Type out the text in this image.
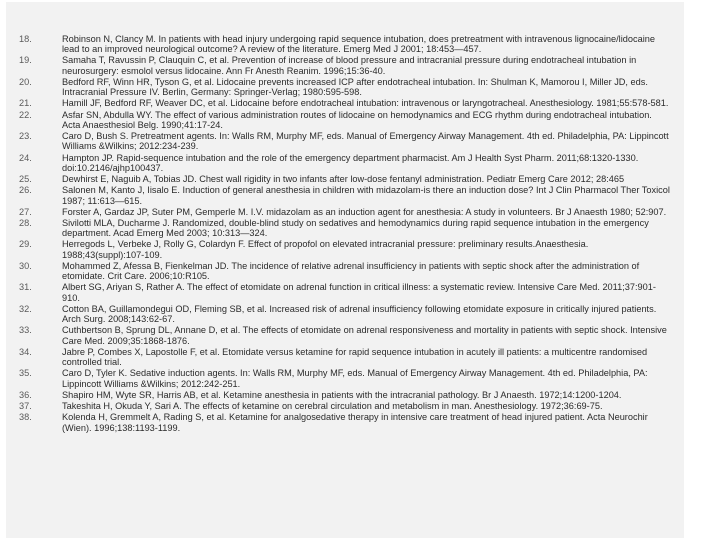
18.	Robinson N, Clancy M. In patients with head injury undergoing rapid sequence intubation, does pretreatment with intravenous lignocaine/lidocaine lead to an improved neurological outcome? A review of the literature. Emerg Med J 2001; 18:453—457.
19.	Samaha T, Ravussin P, Clauquin C, et al. Prevention of increase of blood pressure and intracranial pressure during endotracheal intubation in neurosurgery: esmolol versus lidocaine. Ann Fr Anesth Reanim. 1996;15:36-40.
20.	Bedford RF, Winn HR, Tyson G, et al. Lidocaine prevents increased ICP after endotracheal intubation. In: Shulman K, Mamorou I, Miller JD, eds. Intracranial Pressure IV. Berlin, Germany: Springer-Verlag; 1980:595-598.
21.	Hamill JF, Bedford RF, Weaver DC, et al. Lidocaine before endotracheal intubation: intravenous or laryngotracheal. Anesthesiology. 1981;55:578-581.
22.	Asfar SN, Abdulla WY. The effect of various administration routes of lidocaine on hemodynamics and ECG rhythm during endotracheal intubation. Acta Anaesthesiol Belg. 1990;41:17-24.
23.	Caro D, Bush S. Pretreatment agents. In: Walls RM, Murphy MF, eds. Manual of Emergency Airway Management. 4th ed. Philadelphia, PA: Lippincott Williams &Wilkins; 2012:234-239.
24.	Hampton JP. Rapid-sequence intubation and the role of the emergency department pharmacist. Am J Health Syst Pharm. 2011;68:1320-1330. doi:10.2146/ajhp100437.
25.	Dewhirst E, Naguib A, Tobias JD. Chest wall rigidity in two infants after low-dose fentanyl administration. Pediatr Emerg Care 2012; 28:465
26.	Salonen M, Kanto J, Iisalo E. Induction of general anesthesia in children with midazolam-is there an induction dose? Int J Clin Pharmacol Ther Toxicol 1987; 11:613—615.
27.	Forster A, Gardaz JP, Suter PM, Gemperle M. I.V. midazolam as an induction agent for anesthesia: A study in volunteers. Br J Anaesth 1980; 52:907.
28.	Sivilotti MLA, Ducharme J. Randomized, double-blind study on sedatives and hemodynamics during rapid sequence intubation in the emergency department. Acad Emerg Med 2003; 10:313—324.
29.	Herregods L, Verbeke J, Rolly G, Colardyn F. Effect of propofol on elevated intracranial pressure: preliminary results.Anaesthesia. 1988;43(suppl):107-109.
30.	Mohammed Z, Afessa B, Fienkelman JD. The incidence of relative adrenal insufficiency in patients with septic shock after the administration of etomidate. Crit Care. 2006;10:R105.
31.	Albert SG, Ariyan S, Rather A. The effect of etomidate on adrenal function in critical illness: a systematic review. Intensive Care Med. 2011;37:901-910.
32.	Cotton BA, Guillamondegui OD, Fleming SB, et al. Increased risk of adrenal insufficiency following etomidate exposure in critically injured patients. Arch Surg. 2008;143:62-67.
33.	Cuthbertson B, Sprung DL, Annane D, et al. The effects of etomidate on adrenal responsiveness and mortality in patients with septic shock. Intensive Care Med. 2009;35:1868-1876.
34.	Jabre P, Combes X, Lapostolle F, et al. Etomidate versus ketamine for rapid sequence intubation in acutely ill patients: a multicentre randomised controlled trial.
35.	Caro D, Tyler K. Sedative induction agents. In: Walls RM, Murphy MF, eds. Manual of Emergency Airway Management. 4th ed. Philadelphia, PA: Lippincott Williams &Wilkins; 2012:242-251.
36.	Shapiro HM, Wyte SR, Harris AB, et al. Ketamine anesthesia in patients with the intracranial pathology. Br J Anaesth. 1972;14:1200-1204.
37.	Takeshita H, Okuda Y, Sari A. The effects of ketamine on cerebral circulation and metabolism in man. Anesthesiology. 1972;36:69-75.
38.	Kolenda H, Gremmelt A, Rading S, et al. Ketamine for analgosedative therapy in intensive care treatment of head injured patient. Acta Neurochir (Wien). 1996;138:1193-1199.
